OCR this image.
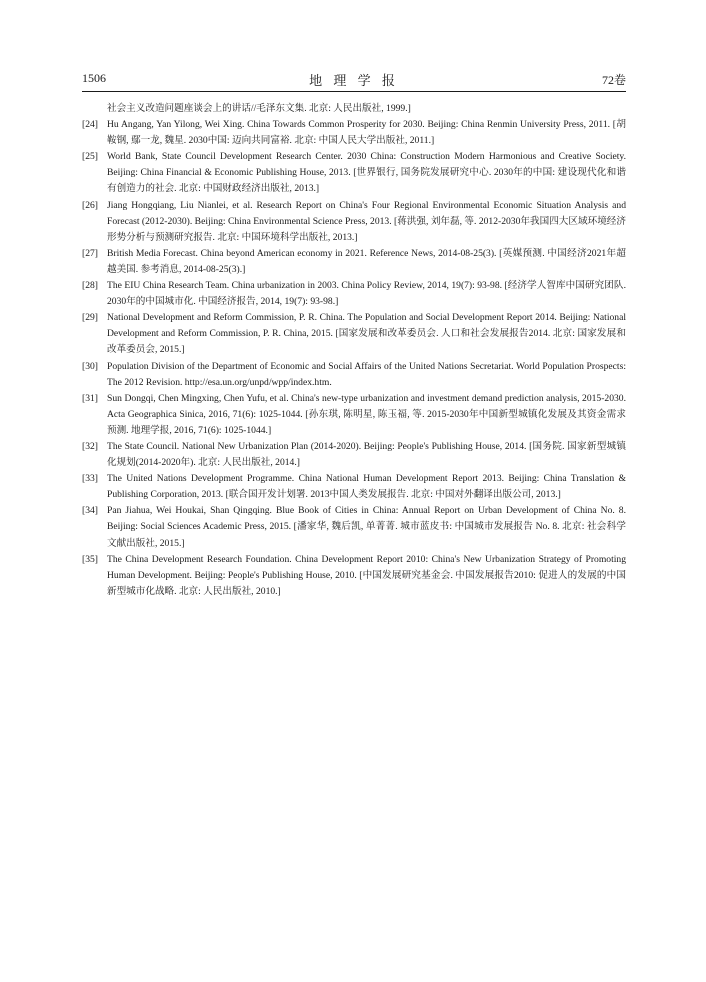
1506	地 理 学 报	72卷
社会主义改造问题座谈会上的讲话//毛泽东文集. 北京: 人民出版社, 1999.]
[24] Hu Angang, Yan Yilong, Wei Xing. China Towards Common Prosperity for 2030. Beijing: China Renmin University Press, 2011. [胡鞍钢, 鄢一龙, 魏星. 2030中国: 迈向共同富裕. 北京: 中国人民大学出版社, 2011.]
[25] World Bank, State Council Development Research Center. 2030 China: Construction Modern Harmonious and Creative Society. Beijing: China Financial & Economic Publishing House, 2013. [世界银行, 国务院发展研究中心. 2030年的中国: 建设现代化和谐有创造力的社会. 北京: 中国财政经济出版社, 2013.]
[26] Jiang Hongqiang, Liu Nianlei, et al. Research Report on China's Four Regional Environmental Economic Situation Analysis and Forecast (2012-2030). Beijing: China Environmental Science Press, 2013. [蒋洪强, 刘年磊, 等. 2012-2030年我国四大区域环境经济形势分析与预测研究报告. 北京: 中国环境科学出版社, 2013.]
[27] British Media Forecast. China beyond American economy in 2021. Reference News, 2014-08-25(3). [英媒预测. 中国经济2021年超越美国. 参考消息, 2014-08-25(3).]
[28] The EIU China Research Team. China urbanization in 2003. China Policy Review, 2014, 19(7): 93-98. [经济学人智库中国研究团队. 2030年的中国城市化. 中国经济报告, 2014, 19(7): 93-98.]
[29] National Development and Reform Commission, P. R. China. The Population and Social Development Report 2014. Beijing: National Development and Reform Commission, P. R. China, 2015. [国家发展和改革委员会. 人口和社会发展报告2014. 北京: 国家发展和改革委员会, 2015.]
[30] Population Division of the Department of Economic and Social Affairs of the United Nations Secretariat. World Population Prospects: The 2012 Revision. http://esa.un.org/unpd/wpp/index.htm.
[31] Sun Dongqi, Chen Mingxing, Chen Yufu, et al. China's new-type urbanization and investment demand prediction analysis, 2015-2030. Acta Geographica Sinica, 2016, 71(6): 1025-1044. [孙东琪, 陈明星, 陈玉福, 等. 2015-2030年中国新型城镇化发展及其资金需求预测. 地理学报, 2016, 71(6): 1025-1044.]
[32] The State Council. National New Urbanization Plan (2014-2020). Beijing: People's Publishing House, 2014. [国务院. 国家新型城镇化规划(2014-2020年). 北京: 人民出版社, 2014.]
[33] The United Nations Development Programme. China National Human Development Report 2013. Beijing: China Translation & Publishing Corporation, 2013. [联合国开发计划署. 2013中国人类发展报告. 北京: 中国对外翻译出版公司, 2013.]
[34] Pan Jiahua, Wei Houkai, Shan Qingqing. Blue Book of Cities in China: Annual Report on Urban Development of China No. 8. Beijing: Social Sciences Academic Press, 2015. [潘家华, 魏后凯, 单菁菁. 城市蓝皮书: 中国城市发展报告 No. 8. 北京: 社会科学文献出版社, 2015.]
[35] The China Development Research Foundation. China Development Report 2010: China's New Urbanization Strategy of Promoting Human Development. Beijing: People's Publishing House, 2010. [中国发展研究基金会. 中国发展报告2010: 促进人的发展的中国新型城市化战略. 北京: 人民出版社, 2010.]
